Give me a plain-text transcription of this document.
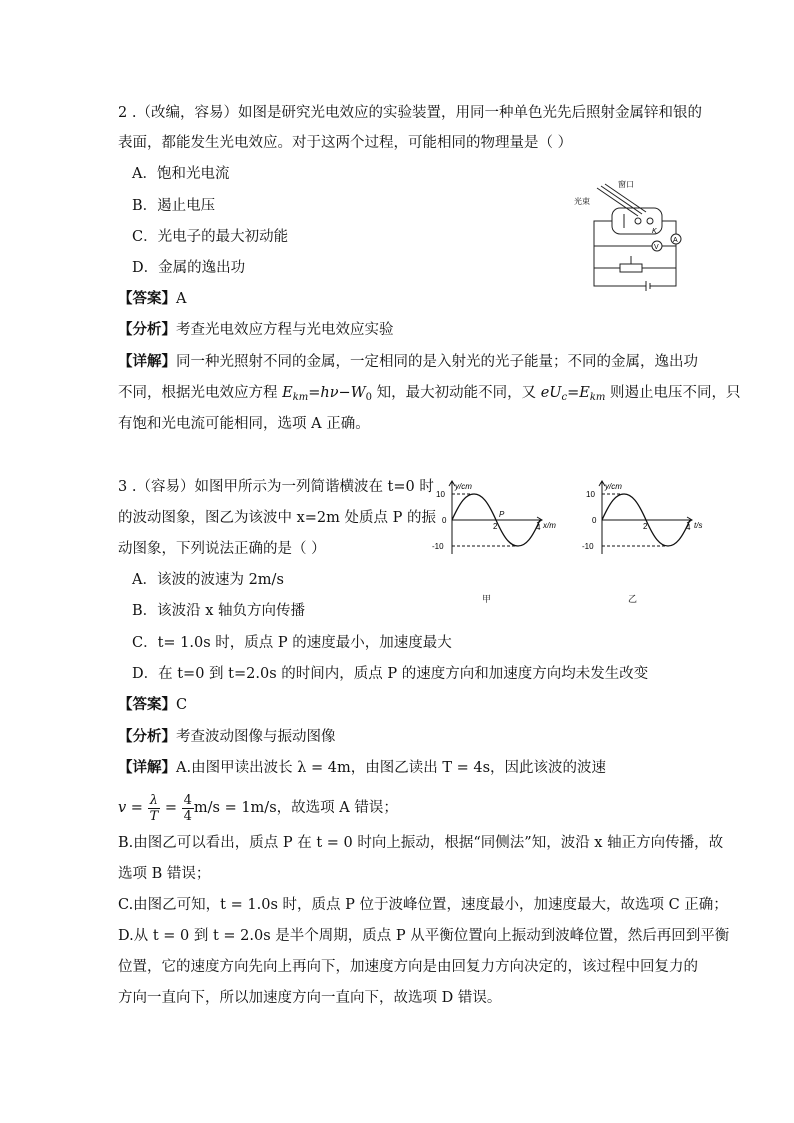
2 .（改编，容易）如图是研究光电效应的实验装置，用同一种单色光先后照射金属锌和银的
表面，都能发生光电效应。对于这两个过程，可能相同的物理量是（ ）
A．饱和光电流
B．遏止电压
C．光电子的最大初动能
D．金属的逸出功
【答案】A
【分析】考查光电效应方程与光电效应实验
【详解】同一种光照射不同的金属，一定相同的是入射光的光子能量；不同的金属，逸出功
不同，根据光电效应方程 $E_{km}=h\nu-W_0$ 知，最大初动能不同，又 $eU_c=E_{km}$ 则遏止电压不同，只
有饱和光电流可能相同，选项 A 正确。
窗口
光束
A
V
K
3 .（容易）如图甲所示为一列简谐横波在 t=0 时
的波动图象，图乙为该波中 x=2m 处质点 P 的振
动图象，下列说法正确的是（ ）
A．该波的波速为 2m/s
B．该波沿 x 轴负方向传播
C．t= 1.0s 时，质点 P 的速度最小，加速度最大
D．在 t=0 到 t=2.0s 的时间内，质点 P 的速度方向和加速度方向均未发生改变
【答案】C
【分析】考查波动图像与振动图像
【详解】A.由图甲读出波长 λ = 4m，由图乙读出 T = 4s，因此该波的波速
$v = \frac{\lambda}{T} = \frac{4}{4} m/s = 1m/s$，故选项 A 错误；
B.由图乙可以看出，质点 P 在 t = 0 时向上振动，根据“同侧法”知，波沿 x 轴正方向传播，故
选项 B 错误；
C.由图乙可知，t = 1.0s 时，质点 P 位于波峰位置，速度最小，加速度最大，故选项 C 正确；
D.从 t = 0 到 t = 2.0s 是半个周期，质点 P 从平衡位置向上振动到波峰位置，然后再回到平衡
位置，它的速度方向先向上再向下，加速度方向是由回复力方向决定的，该过程中回复力的
方向一直向下，所以加速度方向一直向下，故选项 D 错误。
y/cm
x/m
10
0
-10
2	4
P
甲
y/cm
t/s
10
0
-10
2	4
乙
